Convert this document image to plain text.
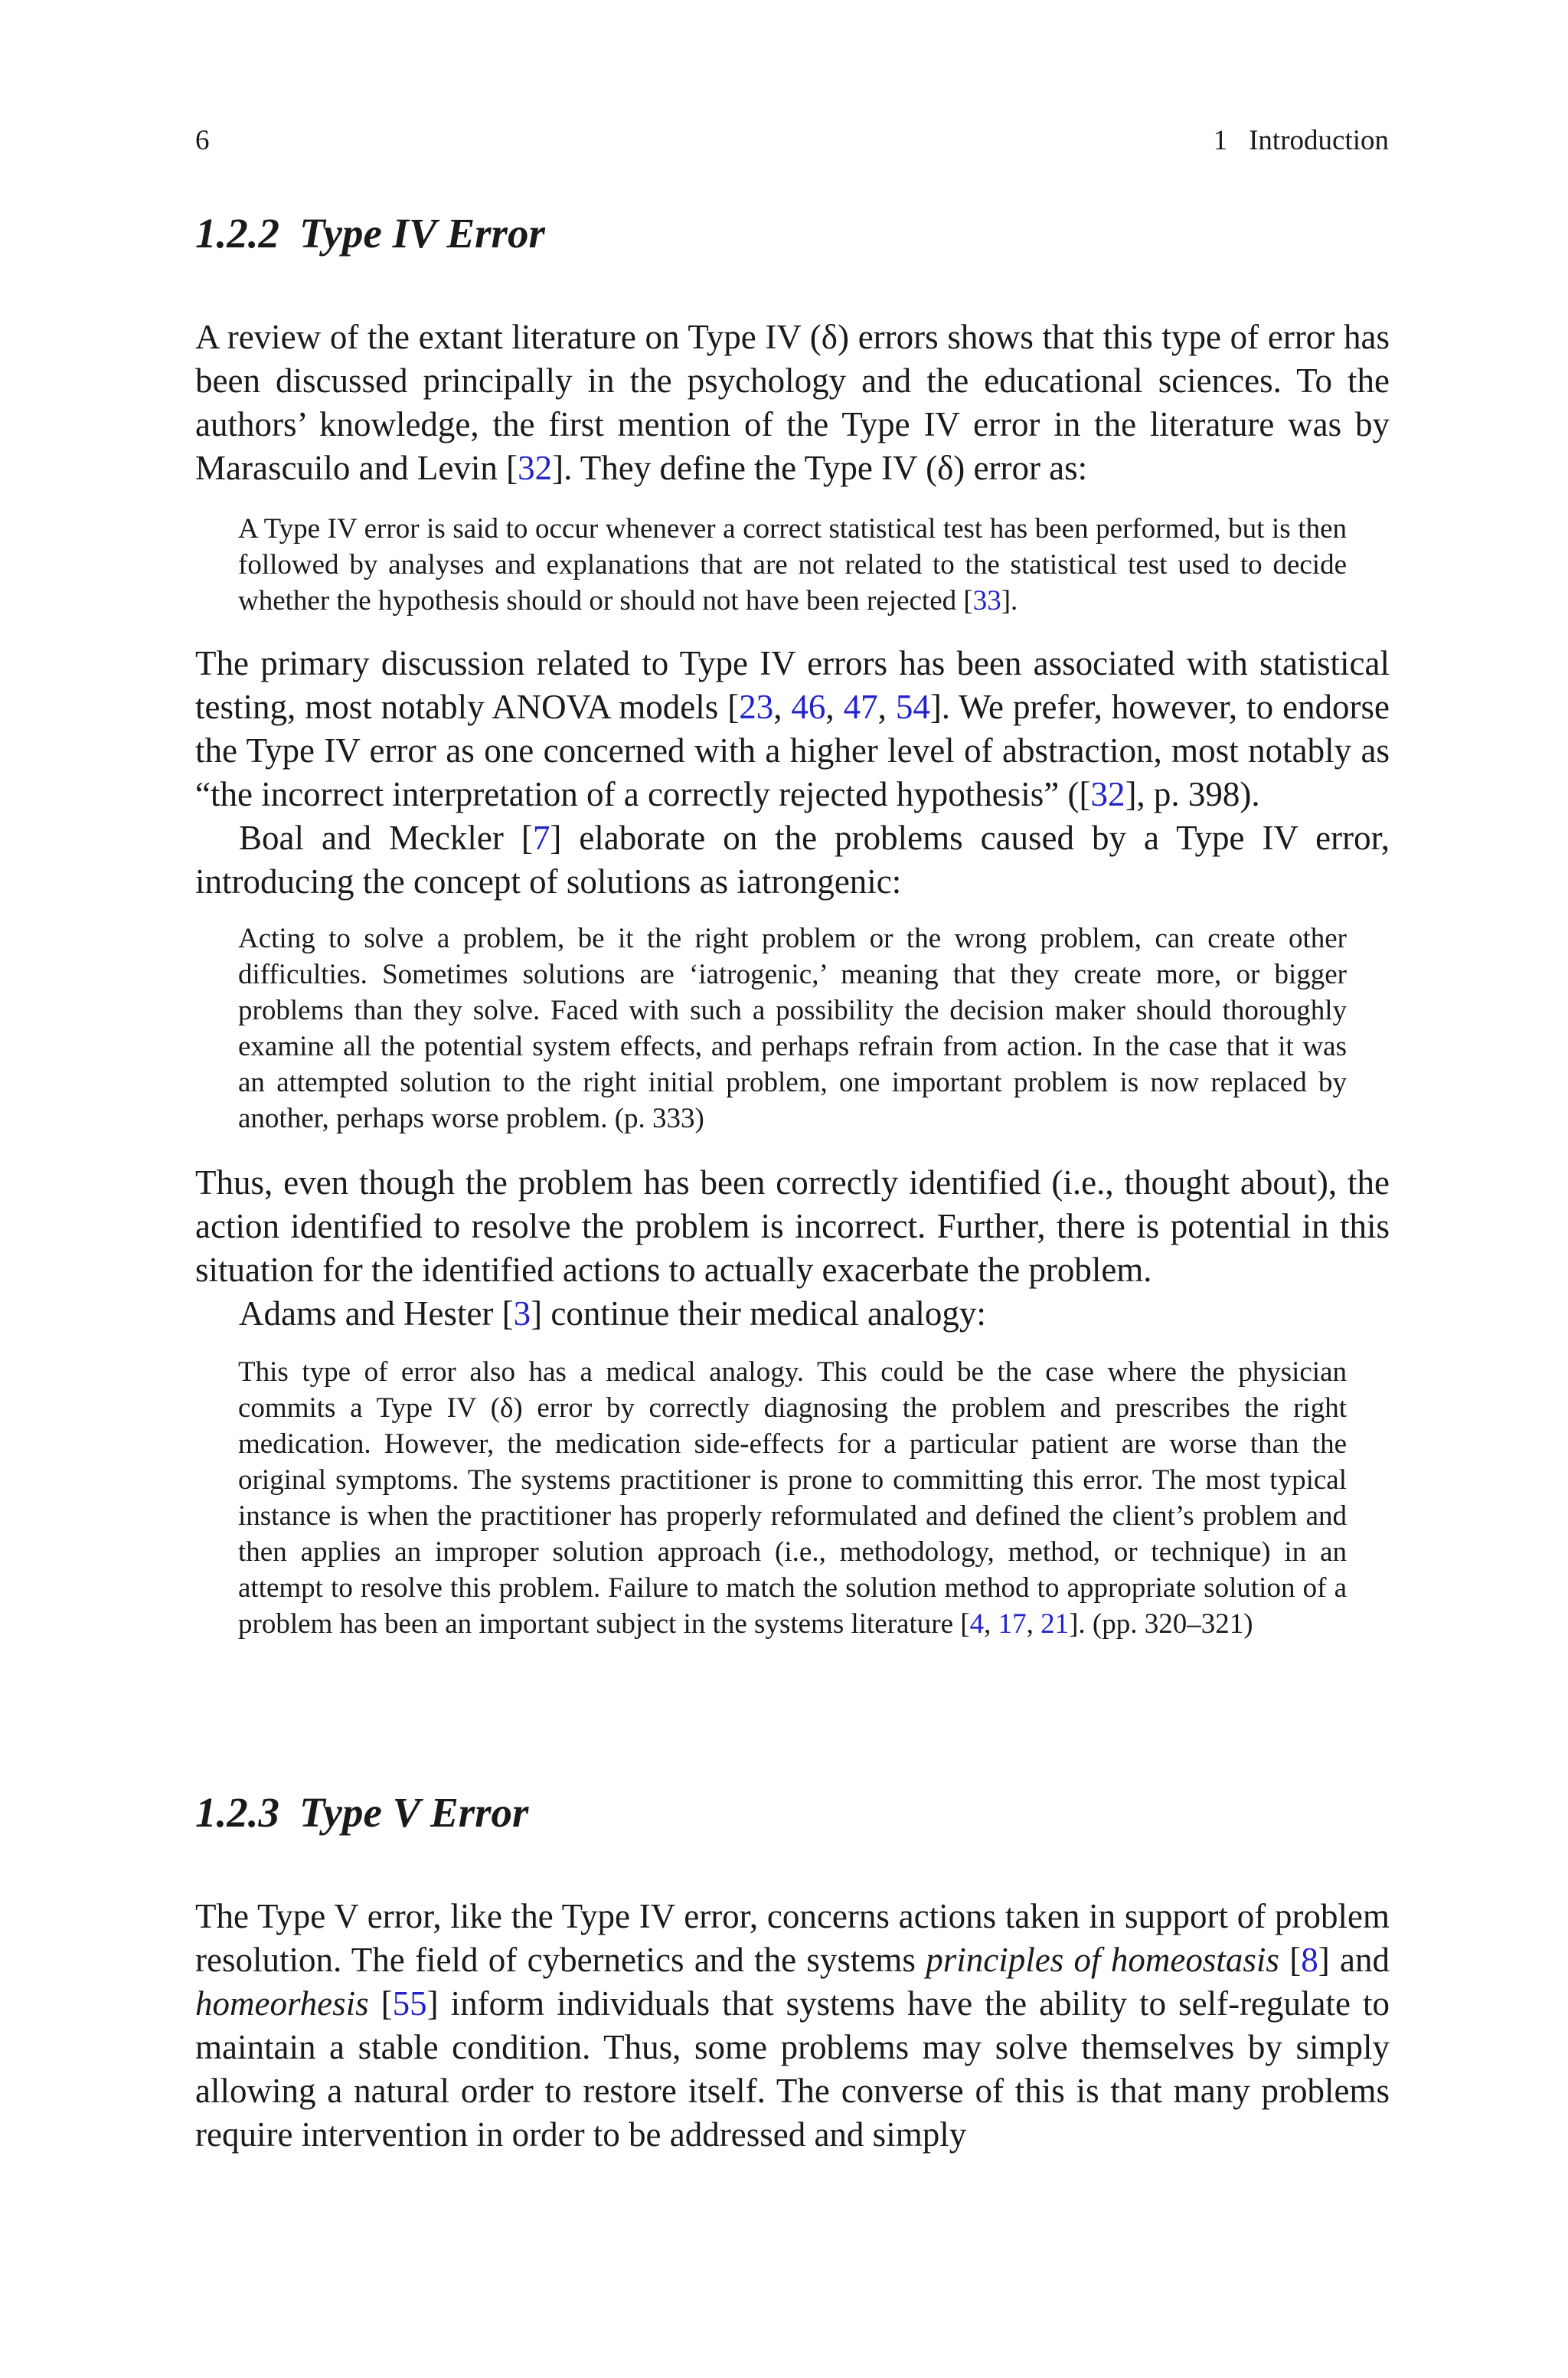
6	1 Introduction
1.2.2 Type IV Error

A review of the extant literature on Type IV (δ) errors shows that this type of error has been discussed principally in the psychology and the educational sciences. To the authors’ knowledge, the first mention of the Type IV error in the literature was by Marascuilo and Levin [32]. They define the Type IV (δ) error as:

A Type IV error is said to occur whenever a correct statistical test has been performed, but is then followed by analyses and explanations that are not related to the statistical test used to decide whether the hypothesis should or should not have been rejected [33].

The primary discussion related to Type IV errors has been associated with statistical testing, most notably ANOVA models [23, 46, 47, 54]. We prefer, however, to endorse the Type IV error as one concerned with a higher level of abstraction, most notably as “the incorrect interpretation of a correctly rejected hypothesis” ([32], p. 398).

Boal and Meckler [7] elaborate on the problems caused by a Type IV error, introducing the concept of solutions as iatrongenic:

Acting to solve a problem, be it the right problem or the wrong problem, can create other difficulties. Sometimes solutions are ‘iatrogenic,’ meaning that they create more, or bigger problems than they solve. Faced with such a possibility the decision maker should thoroughly examine all the potential system effects, and perhaps refrain from action. In the case that it was an attempted solution to the right initial problem, one important problem is now replaced by another, perhaps worse problem. (p. 333)

Thus, even though the problem has been correctly identified (i.e., thought about), the action identified to resolve the problem is incorrect. Further, there is potential in this situation for the identified actions to actually exacerbate the problem.

Adams and Hester [3] continue their medical analogy:

This type of error also has a medical analogy. This could be the case where the physician commits a Type IV (δ) error by correctly diagnosing the problem and prescribes the right medication. However, the medication side-effects for a particular patient are worse than the original symptoms. The systems practitioner is prone to committing this error. The most typical instance is when the practitioner has properly reformulated and defined the client’s problem and then applies an improper solution approach (i.e., methodology, method, or technique) in an attempt to resolve this problem. Failure to match the solution method to appropriate solution of a problem has been an important subject in the systems literature [4, 17, 21]. (pp. 320–321)

1.2.3 Type V Error

The Type V error, like the Type IV error, concerns actions taken in support of problem resolution. The field of cybernetics and the systems principles of homeostasis [8] and homeorhesis [55] inform individuals that systems have the ability to self-regulate to maintain a stable condition. Thus, some problems may solve themselves by simply allowing a natural order to restore itself. The converse of this is that many problems require intervention in order to be addressed and simply
